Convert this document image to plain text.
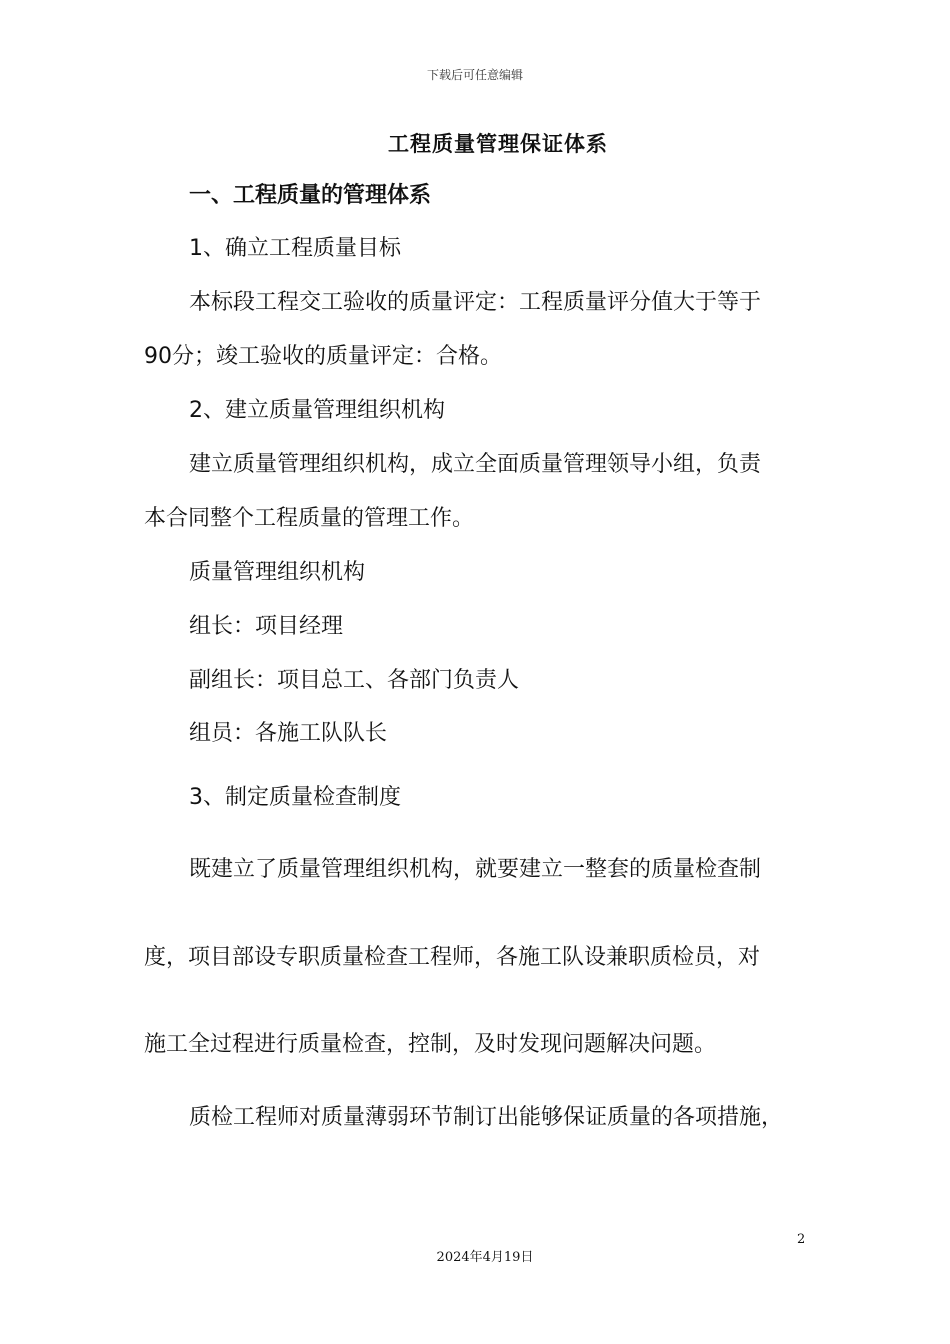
下载后可任意编辑
工程质量管理保证体系
一、工程质量的管理体系
1、确立工程质量目标
本标段工程交工验收的质量评定：工程质量评分值大于等于
90分；竣工验收的质量评定：合格。
2、建立质量管理组织机构
建立质量管理组织机构，成立全面质量管理领导小组，负责
本合同整个工程质量的管理工作。
质量管理组织机构
组长：项目经理
副组长：项目总工、各部门负责人
组员：各施工队队长
3、制定质量检查制度
既建立了质量管理组织机构，就要建立一整套的质量检查制
度，项目部设专职质量检查工程师，各施工队设兼职质检员，对
施工全过程进行质量检查，控制，及时发现问题解决问题。
质检工程师对质量薄弱环节制订出能够保证质量的各项措施，
2
2024年4月19日
